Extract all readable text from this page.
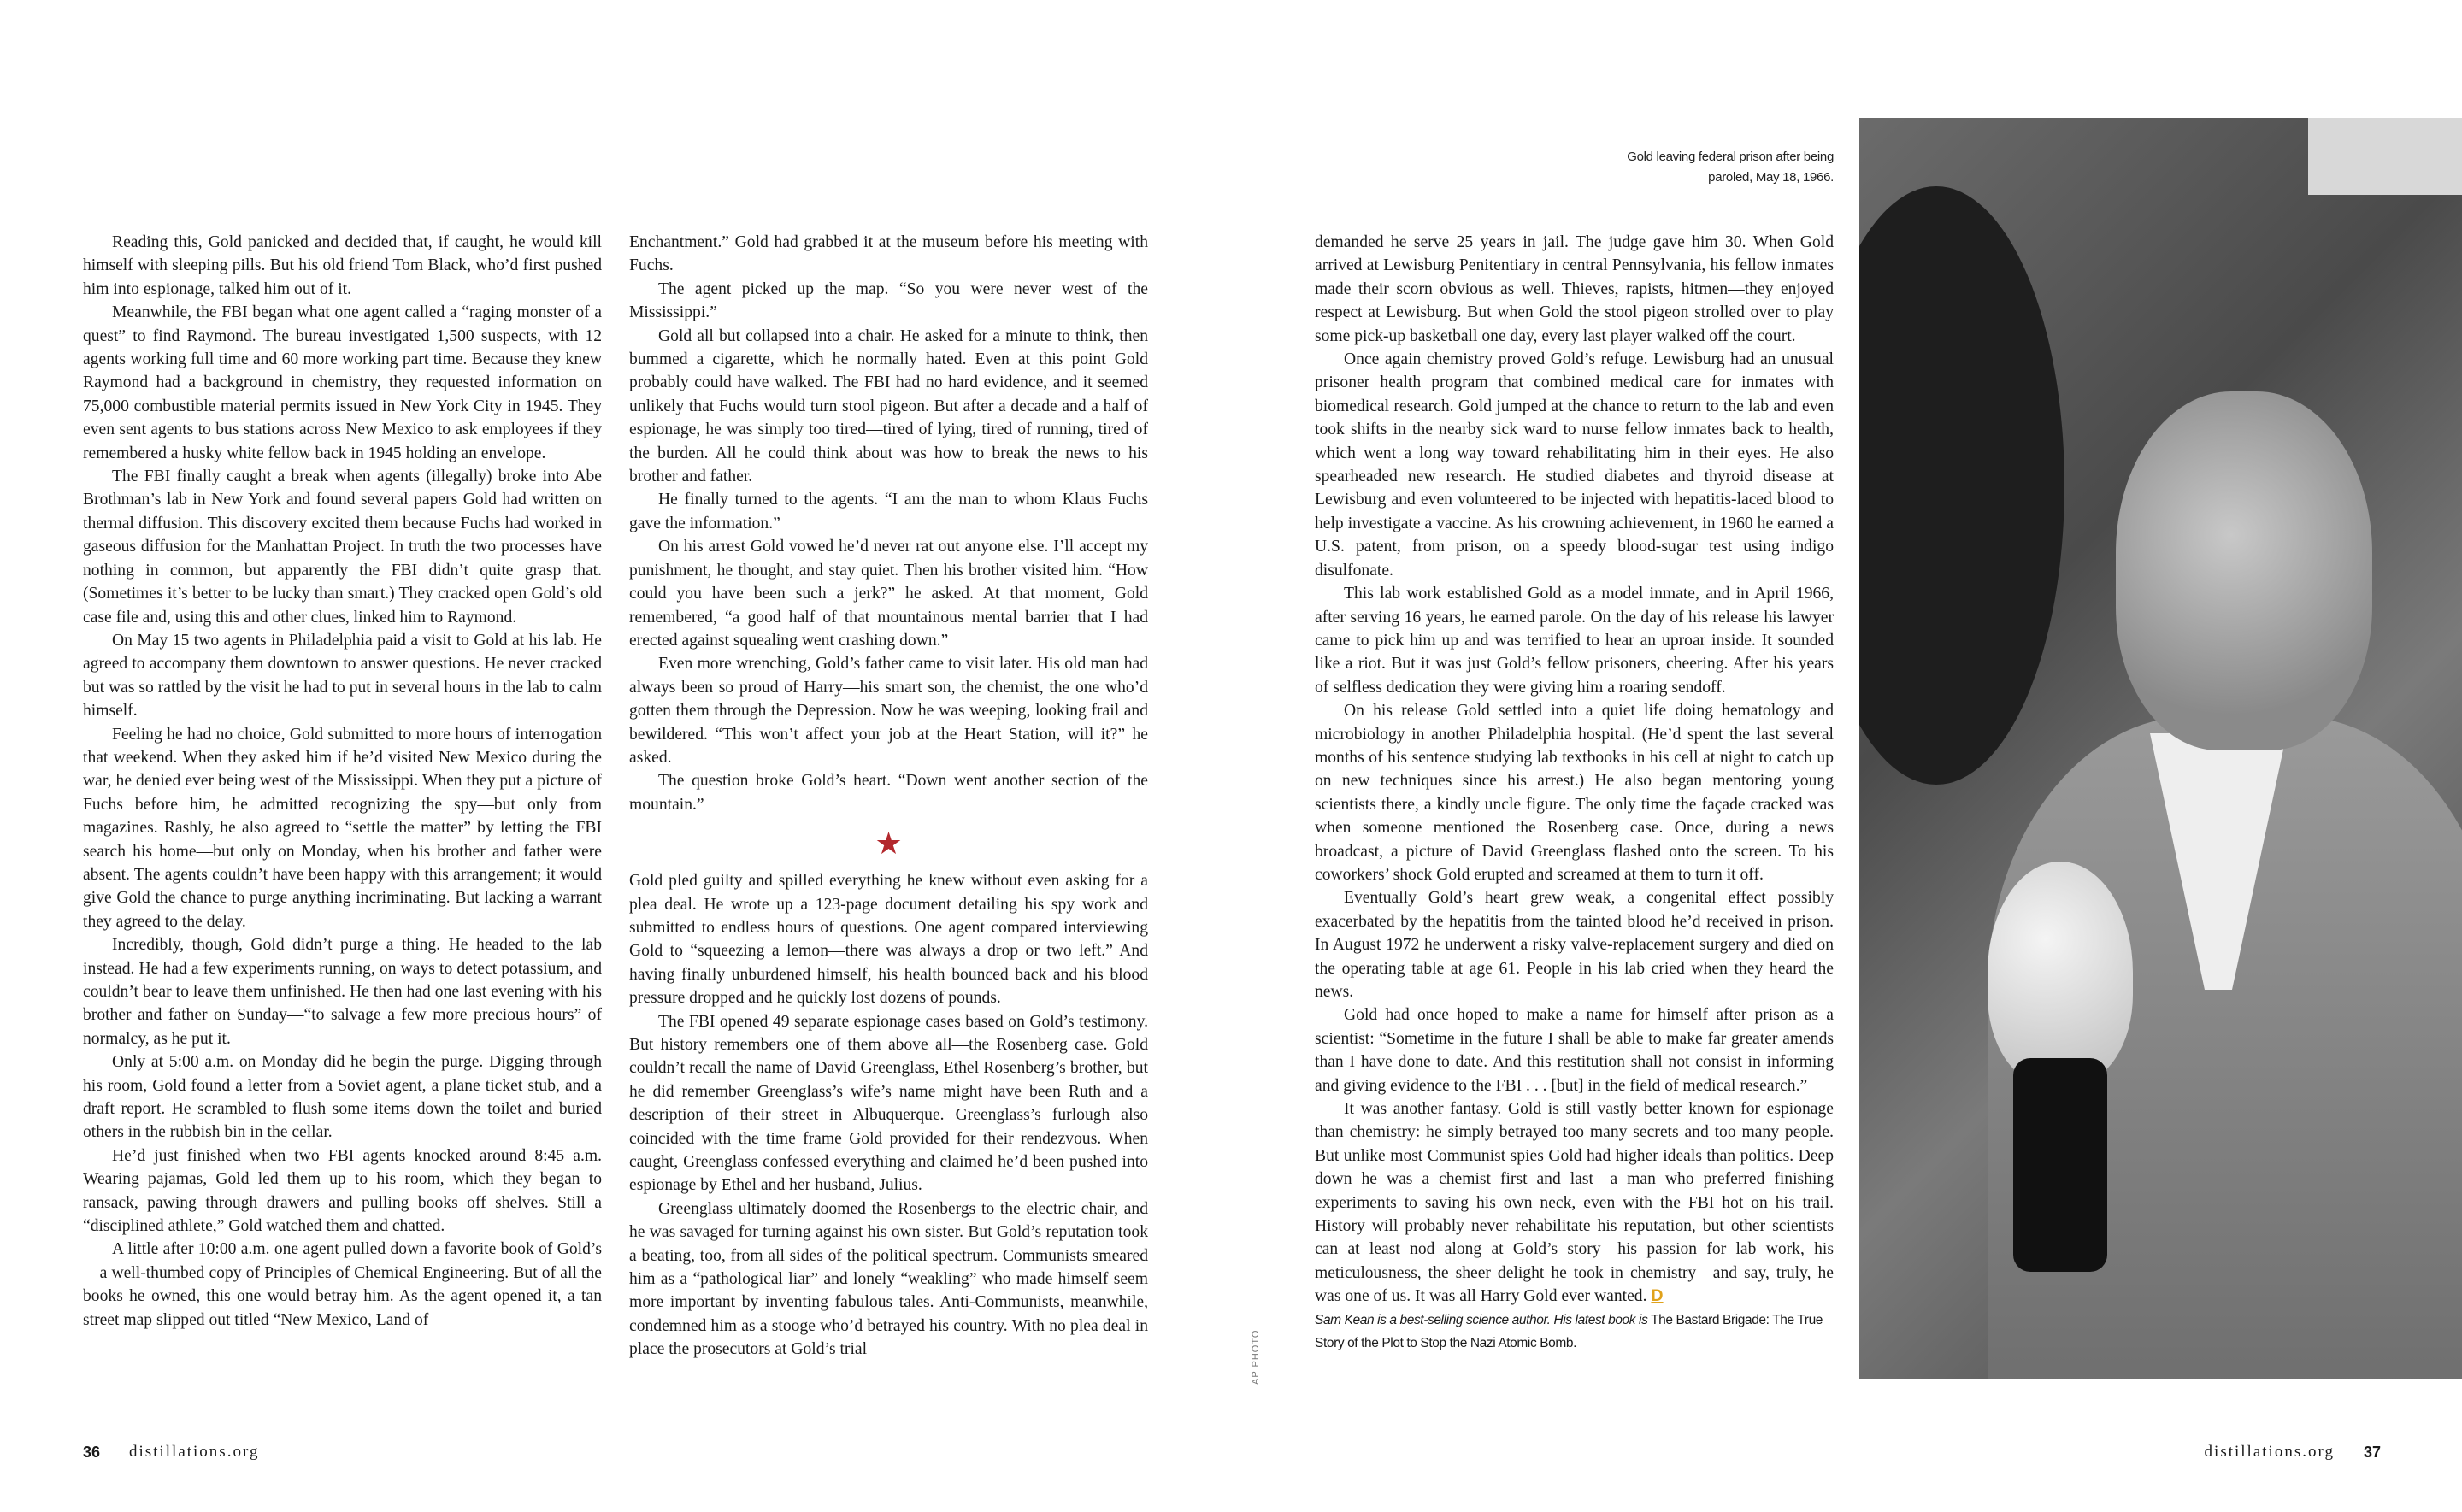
Reading this, Gold panicked and decided that, if caught, he would kill himself with sleeping pills. But his old friend Tom Black, who’d first pushed him into espionage, talked him out of it.

Meanwhile, the FBI began what one agent called a “raging monster of a quest” to find Raymond. The bureau investigated 1,500 suspects, with 12 agents working full time and 60 more working part time. Because they knew Raymond had a background in chemistry, they requested information on 75,000 combustible material permits issued in New York City in 1945. They even sent agents to bus stations across New Mexico to ask employees if they remembered a husky white fellow back in 1945 holding an envelope.

The FBI finally caught a break when agents (illegally) broke into Abe Brothman’s lab in New York and found several papers Gold had written on thermal diffusion. This discovery excited them because Fuchs had worked in gaseous diffusion for the Manhattan Project. In truth the two processes have nothing in common, but apparently the FBI didn’t quite grasp that. (Sometimes it’s better to be lucky than smart.) They cracked open Gold’s old case file and, using this and other clues, linked him to Raymond.

On May 15 two agents in Philadelphia paid a visit to Gold at his lab. He agreed to accompany them downtown to answer questions. He never cracked but was so rattled by the visit he had to put in several hours in the lab to calm himself.

Feeling he had no choice, Gold submitted to more hours of interrogation that weekend. When they asked him if he’d visited New Mexico during the war, he denied ever being west of the Mississippi. When they put a picture of Fuchs before him, he admitted recognizing the spy—but only from magazines. Rashly, he also agreed to “settle the matter” by letting the FBI search his home—but only on Monday, when his brother and father were absent. The agents couldn’t have been happy with this arrangement; it would give Gold the chance to purge anything incriminating. But lacking a warrant they agreed to the delay.

Incredibly, though, Gold didn’t purge a thing. He headed to the lab instead. He had a few experiments running, on ways to detect potassium, and couldn’t bear to leave them unfinished. He then had one last evening with his brother and father on Sunday—“to salvage a few more precious hours” of normalcy, as he put it.

Only at 5:00 a.m. on Monday did he begin the purge. Digging through his room, Gold found a letter from a Soviet agent, a plane ticket stub, and a draft report. He scrambled to flush some items down the toilet and buried others in the rubbish bin in the cellar.

He’d just finished when two FBI agents knocked around 8:45 a.m. Wearing pajamas, Gold led them up to his room, which they began to ransack, pawing through drawers and pulling books off shelves. Still a “disciplined athlete,” Gold watched them and chatted.

A little after 10:00 a.m. one agent pulled down a favorite book of Gold’s—a well-thumbed copy of Principles of Chemical Engineering. But of all the books he owned, this one would betray him. As the agent opened it, a tan street map slipped out titled “New Mexico, Land of

Enchantment.” Gold had grabbed it at the museum before his meeting with Fuchs.

The agent picked up the map. “So you were never west of the Mississippi.”

Gold all but collapsed into a chair. He asked for a minute to think, then bummed a cigarette, which he normally hated. Even at this point Gold probably could have walked. The FBI had no hard evidence, and it seemed unlikely that Fuchs would turn stool pigeon. But after a decade and a half of espionage, he was simply too tired—tired of lying, tired of running, tired of the burden. All he could think about was how to break the news to his brother and father.

He finally turned to the agents. “I am the man to whom Klaus Fuchs gave the information.”

On his arrest Gold vowed he’d never rat out anyone else. I’ll accept my punishment, he thought, and stay quiet. Then his brother visited him. “How could you have been such a jerk?” he asked. At that moment, Gold remembered, “a good half of that mountainous mental barrier that I had erected against squealing went crashing down.”

Even more wrenching, Gold’s father came to visit later. His old man had always been so proud of Harry—his smart son, the chemist, the one who’d gotten them through the Depression. Now he was weeping, looking frail and bewildered. “This won’t affect your job at the Heart Station, will it?” he asked.

The question broke Gold’s heart. “Down went another section of the mountain.”

★

Gold pled guilty and spilled everything he knew without even asking for a plea deal. He wrote up a 123-page document detailing his spy work and submitted to endless hours of questions. One agent compared interviewing Gold to “squeezing a lemon—there was always a drop or two left.” And having finally unburdened himself, his health bounced back and his blood pressure dropped and he quickly lost dozens of pounds.

The FBI opened 49 separate espionage cases based on Gold’s testimony. But history remembers one of them above all—the Rosenberg case. Gold couldn’t recall the name of David Greenglass, Ethel Rosenberg’s brother, but he did remember Greenglass’s wife’s name might have been Ruth and a description of their street in Albuquerque. Greenglass’s furlough also coincided with the time frame Gold provided for their rendezvous. When caught, Greenglass confessed everything and claimed he’d been pushed into espionage by Ethel and her husband, Julius.

Greenglass ultimately doomed the Rosenbergs to the electric chair, and he was savaged for turning against his own sister. But Gold’s reputation took a beating, too, from all sides of the political spectrum. Communists smeared him as a “pathological liar” and lonely “weakling” who made himself seem more important by inventing fabulous tales. Anti-Communists, meanwhile, condemned him as a stooge who’d betrayed his country. With no plea deal in place the prosecutors at Gold’s trial

demanded he serve 25 years in jail. The judge gave him 30. When Gold arrived at Lewisburg Penitentiary in central Pennsylvania, his fellow inmates made their scorn obvious as well. Thieves, rapists, hitmen—they enjoyed respect at Lewisburg. But when Gold the stool pigeon strolled over to play some pick-up basketball one day, every last player walked off the court.

Once again chemistry proved Gold’s refuge. Lewisburg had an unusual prisoner health program that combined medical care for inmates with biomedical research. Gold jumped at the chance to return to the lab and even took shifts in the nearby sick ward to nurse fellow inmates back to health, which went a long way toward rehabilitating him in their eyes. He also spearheaded new research. He studied diabetes and thyroid disease at Lewisburg and even volunteered to be injected with hepatitis-laced blood to help investigate a vaccine. As his crowning achievement, in 1960 he earned a U.S. patent, from prison, on a speedy blood-sugar test using indigo disulfonate.

This lab work established Gold as a model inmate, and in April 1966, after serving 16 years, he earned parole. On the day of his release his lawyer came to pick him up and was terrified to hear an uproar inside. It sounded like a riot. But it was just Gold’s fellow prisoners, cheering. After his years of selfless dedication they were giving him a roaring sendoff.

On his release Gold settled into a quiet life doing hematology and microbiology in another Philadelphia hospital. (He’d spent the last several months of his sentence studying lab textbooks in his cell at night to catch up on new techniques since his arrest.) He also began mentoring young scientists there, a kindly uncle figure. The only time the façade cracked was when someone mentioned the Rosenberg case. Once, during a news broadcast, a picture of David Greenglass flashed onto the screen. To his coworkers’ shock Gold erupted and screamed at them to turn it off.

Eventually Gold’s heart grew weak, a congenital effect possibly exacerbated by the hepatitis from the tainted blood he’d received in prison. In August 1972 he underwent a risky valve-replacement surgery and died on the operating table at age 61. People in his lab cried when they heard the news.

Gold had once hoped to make a name for himself after prison as a scientist: “Sometime in the future I shall be able to make far greater amends than I have done to date. And this restitution shall not consist in informing and giving evidence to the FBI . . . [but] in the field of medical research.”

It was another fantasy. Gold is still vastly better known for espionage than chemistry: he simply betrayed too many secrets and too many people. But unlike most Communist spies Gold had higher ideals than politics. Deep down he was a chemist first and last—a man who preferred finishing experiments to saving his own neck, even with the FBI hot on his trail. History will probably never rehabilitate his reputation, but other scientists can at least nod along at Gold’s story—his passion for lab work, his meticulousness, the sheer delight he took in chemistry—and say, truly, he was one of us. It was all Harry Gold ever wanted. D

Sam Kean is a best-selling science author. His latest book is The Bastard Brigade: The True Story of the Plot to Stop the Nazi Atomic Bomb.

Gold leaving federal prison after being paroled, May 18, 1966.
AP PHOTO
36 distillations.org	distillations.org 37
